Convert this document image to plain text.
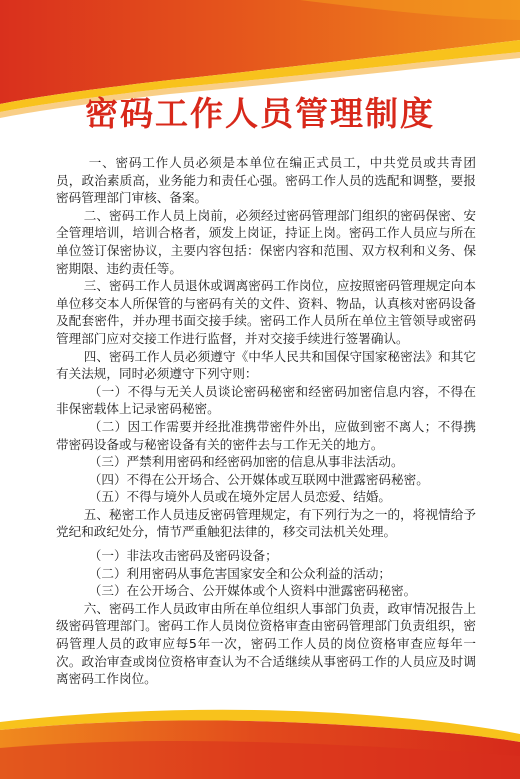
密码工作人员管理制度

一、密码工作人员必须是本单位在编正式员工，中共党员或共青团员，政治素质高，业务能力和责任心强。密码工作人员的选配和调整，要报密码管理部门审核、备案。

二、密码工作人员上岗前，必须经过密码管理部门组织的密码保密、安全管理培训，培训合格者，颁发上岗证，持证上岗。密码工作人员应与所在单位签订保密协议，主要内容包括：保密内容和范围、双方权利和义务、保密期限、违约责任等。

三、密码工作人员退休或调离密码工作岗位，应按照密码管理规定向本单位移交本人所保管的与密码有关的文件、资料、物品，认真核对密码设备及配套密件，并办理书面交接手续。密码工作人员所在单位主管领导或密码管理部门应对交接工作进行监督，并对交接手续进行签署确认。

四、密码工作人员必须遵守《中华人民共和国保守国家秘密法》和其它有关法规，同时必须遵守下列守则：

（一）不得与无关人员谈论密码秘密和经密码加密信息内容，不得在非保密载体上记录密码秘密。

（二）因工作需要并经批准携带密件外出，应做到密不离人；不得携带密码设备或与秘密设备有关的密件去与工作无关的地方。

（三）严禁利用密码和经密码加密的信息从事非法活动。

（四）不得在公开场合、公开媒体或互联网中泄露密码秘密。

（五）不得与境外人员或在境外定居人员恋爱、结婚。

五、秘密工作人员违反密码管理规定，有下列行为之一的，将视情给予党纪和政纪处分，情节严重触犯法律的，移交司法机关处理。

（一）非法攻击密码及密码设备；

（二）利用密码从事危害国家安全和公众利益的活动；

（三）在公开场合、公开媒体或个人资料中泄露密码秘密。

六、密码工作人员政审由所在单位组织人事部门负责，政审情况报告上级密码管理部门。密码工作人员岗位资格审查由密码管理部门负责组织，密码管理人员的政审应每5年一次，密码工作人员的岗位资格审查应每年一次。政治审查或岗位资格审查认为不合适继续从事密码工作的人员应及时调离密码工作岗位。
